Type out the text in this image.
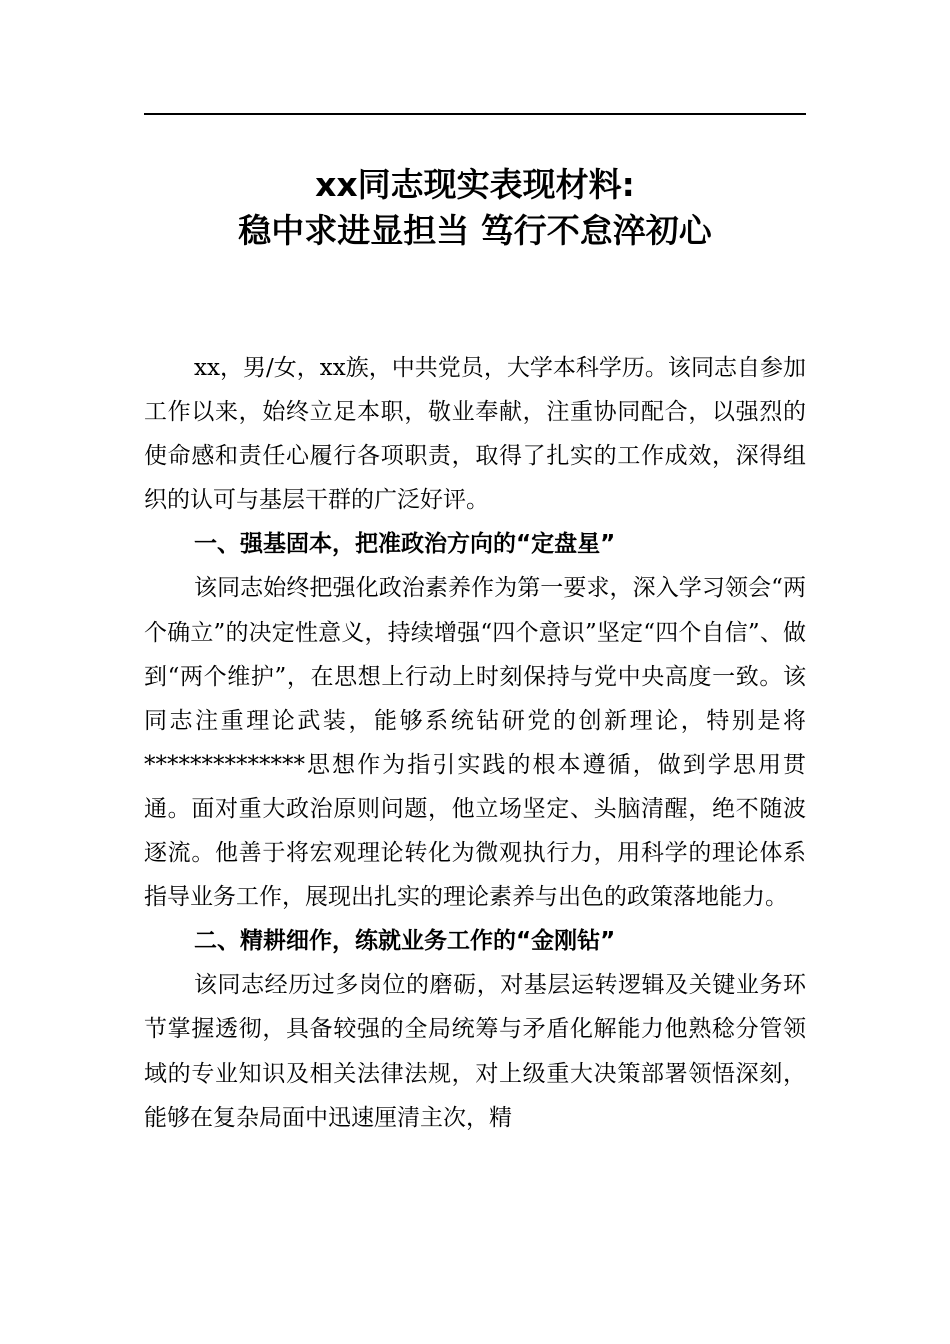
xx同志现实表现材料:
稳中求进显担当 笃行不怠淬初心

xx，男/女，xx族，中共党员，大学本科学历。该同志自参加工作以来，始终立足本职，敬业奉献，注重协同配合，以强烈的使命感和责任心履行各项职责，取得了扎实的工作成效，深得组织的认可与基层干群的广泛好评。

一、强基固本，把准政治方向的“定盘星”

该同志始终把强化政治素养作为第一要求，深入学习领会“两个确立”的决定性意义，持续增强“四个意识”坚定“四个自信”、做到“两个维护”，在思想上行动上时刻保持与党中央高度一致。该同志注重理论武装，能够系统钻研党的创新理论，特别是将**************思想作为指引实践的根本遵循，做到学思用贯通。面对重大政治原则问题，他立场坚定、头脑清醒，绝不随波逐流。他善于将宏观理论转化为微观执行力，用科学的理论体系指导业务工作，展现出扎实的理论素养与出色的政策落地能力。

二、精耕细作，练就业务工作的“金刚钻”

该同志经历过多岗位的磨砺，对基层运转逻辑及关键业务环节掌握透彻，具备较强的全局统筹与矛盾化解能力他熟稔分管领域的专业知识及相关法律法规，对上级重大决策部署领悟深刻，能够在复杂局面中迅速厘清主次，精
